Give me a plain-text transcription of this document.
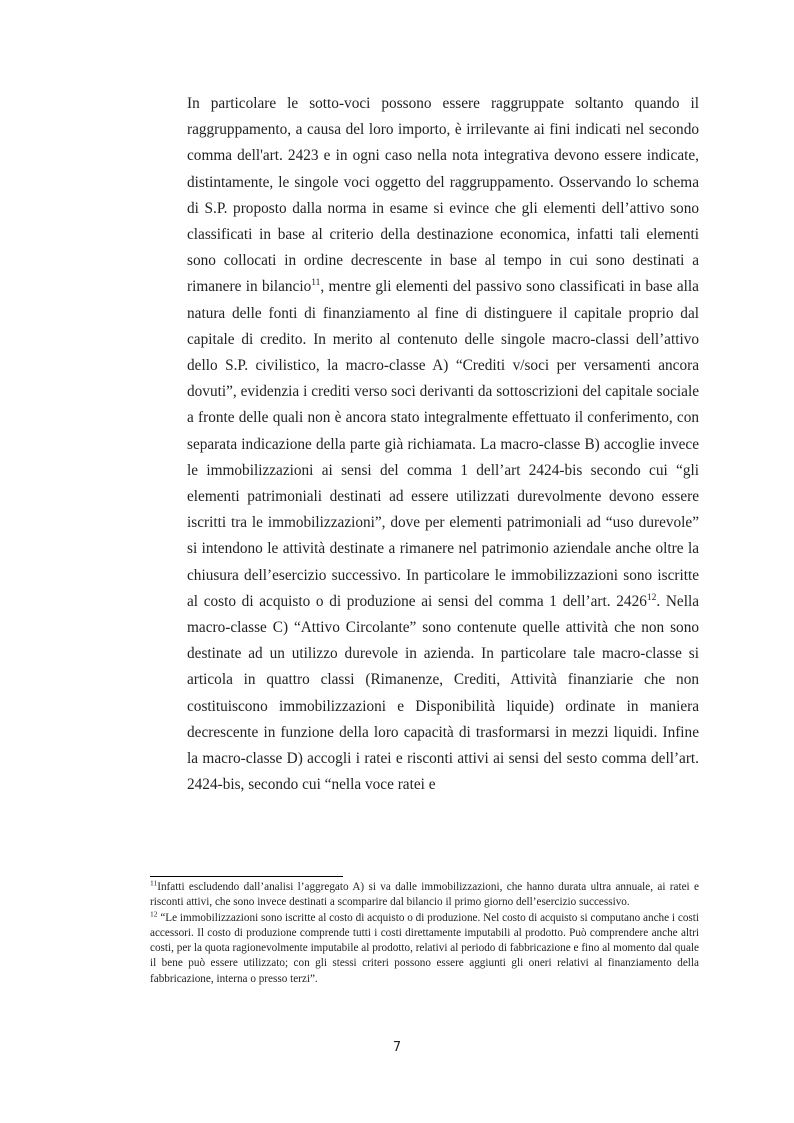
In particolare le sotto-voci possono essere raggruppate soltanto quando il raggruppamento, a causa del loro importo, è irrilevante ai fini indicati nel secondo comma dell'art. 2423 e in ogni caso nella nota integrativa devono essere indicate, distintamente, le singole voci oggetto del raggruppamento. Osservando lo schema di S.P. proposto dalla norma in esame si evince che gli elementi dell’attivo sono classificati in base al criterio della destinazione economica, infatti tali elementi sono collocati in ordine decrescente in base al tempo in cui sono destinati a rimanere in bilancio$^{11}$, mentre gli elementi del passivo sono classificati in base alla natura delle fonti di finanziamento al fine di distinguere il capitale proprio dal capitale di credito. In merito al contenuto delle singole macro-classi dell’attivo dello S.P. civilistico, la macro-classe A) “Crediti v/soci per versamenti ancora dovuti”, evidenzia i crediti verso soci derivanti da sottoscrizioni del capitale sociale a fronte delle quali non è ancora stato integralmente effettuato il conferimento, con separata indicazione della parte già richiamata. La macro-classe B) accoglie invece le immobilizzazioni ai sensi del comma 1 dell’art 2424-bis secondo cui “gli elementi patrimoniali destinati ad essere utilizzati durevolmente devono essere iscritti tra le immobilizzazioni”, dove per elementi patrimoniali ad “uso durevole” si intendono le attività destinate a rimanere nel patrimonio aziendale anche oltre la chiusura dell’esercizio successivo. In particolare le immobilizzazioni sono iscritte al costo di acquisto o di produzione ai sensi del comma 1 dell’art. 2426$^{12}$. Nella macro-classe C) “Attivo Circolante” sono contenute quelle attività che non sono destinate ad un utilizzo durevole in azienda. In particolare tale macro-classe si articola in quattro classi (Rimanenze, Crediti, Attività finanziarie che non costituiscono immobilizzazioni e Disponibilità liquide) ordinate in maniera decrescente in funzione della loro capacità di trasformarsi in mezzi liquidi. Infine la macro-classe D) accogli i ratei e risconti attivi ai sensi del sesto comma dell’art. 2424-bis, secondo cui “nella voce ratei e

$^{11}$Infatti escludendo dall’analisi l’aggregato A) si va dalle immobilizzazioni, che hanno durata ultra annuale, ai ratei e risconti attivi, che sono invece destinati a scomparire dal bilancio il primo giorno dell’esercizio successivo.

$^{12}$ “Le immobilizzazioni sono iscritte al costo di acquisto o di produzione. Nel costo di acquisto si computano anche i costi accessori. Il costo di produzione comprende tutti i costi direttamente imputabili al prodotto. Può comprendere anche altri costi, per la quota ragionevolmente imputabile al prodotto, relativi al periodo di fabbricazione e fino al momento dal quale il bene può essere utilizzato; con gli stessi criteri possono essere aggiunti gli oneri relativi al finanziamento della fabbricazione, interna o presso terzi”.

7
